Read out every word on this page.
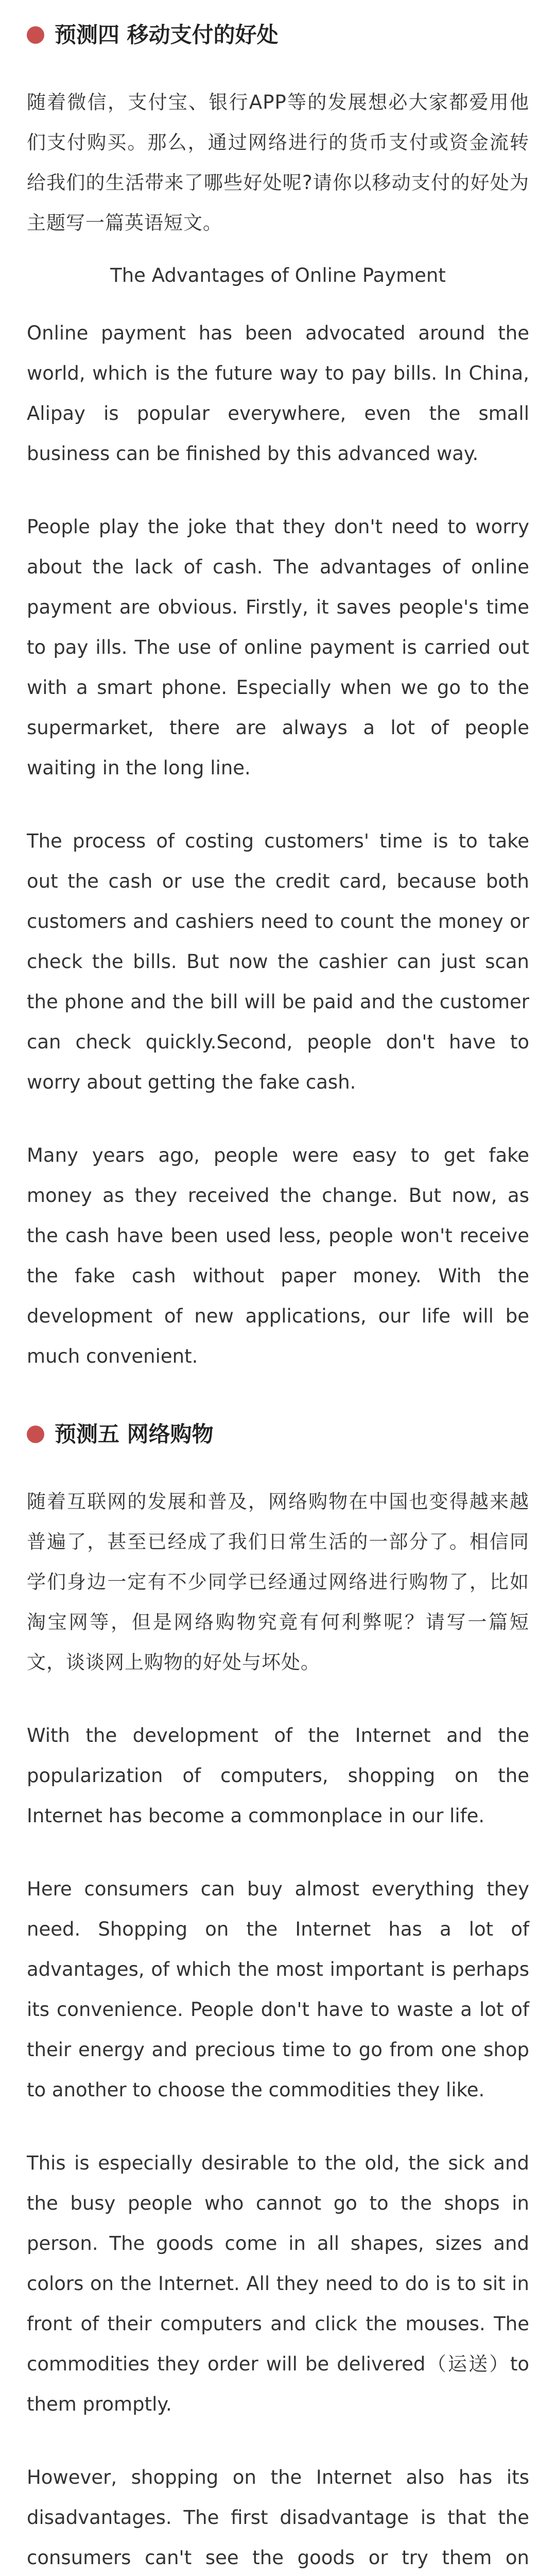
预测四 移动支付的好处

随着微信，支付宝、银行APP等的发展想必大家都爱用他们支付购买。那么，通过网络进行的货币支付或资金流转给我们的生活带来了哪些好处呢?请你以移动支付的好处为主题写一篇英语短文。

The Advantages of Online Payment

Online payment has been advocated around the world, which is the future way to pay bills. In China, Alipay is popular everywhere, even the small business can be finished by this advanced way.

People play the joke that they don't need to worry about the lack of cash. The advantages of online payment are obvious. Firstly, it saves people's time to pay ills. The use of online payment is carried out with a smart phone. Especially when we go to the supermarket, there are always a lot of people waiting in the long line.

The process of costing customers' time is to take out the cash or use the credit card, because both customers and cashiers need to count the money or check the bills. But now the cashier can just scan the phone and the bill will be paid and the customer can check quickly.Second, people don't have to worry about getting the fake cash.

Many years ago, people were easy to get fake money as they received the change. But now, as the cash have been used less, people won't receive the fake cash without paper money. With the development of new applications, our life will be much convenient.

预测五 网络购物

随着互联网的发展和普及，网络购物在中国也变得越来越普遍了，甚至已经成了我们日常生活的一部分了。相信同学们身边一定有不少同学已经通过网络进行购物了，比如淘宝网等，但是网络购物究竟有何利弊呢？请写一篇短文，谈谈网上购物的好处与坏处。

With the development of the Internet and the popularization of computers, shopping on the Internet has become a commonplace in our life.

Here consumers can buy almost everything they need. Shopping on the Internet has a lot of advantages, of which the most important is perhaps its convenience. People don't have to waste a lot of their energy and precious time to go from one shop to another to choose the commodities they like.

This is especially desirable to the old, the sick and the busy people who cannot go to the shops in person. The goods come in all shapes, sizes and colors on the Internet. All they need to do is to sit in front of their computers and click the mouses. The commodities they order will be delivered（运送）to them promptly.

However, shopping on the Internet also has its disadvantages. The first disadvantage is that the consumers can't see the goods or try them on
